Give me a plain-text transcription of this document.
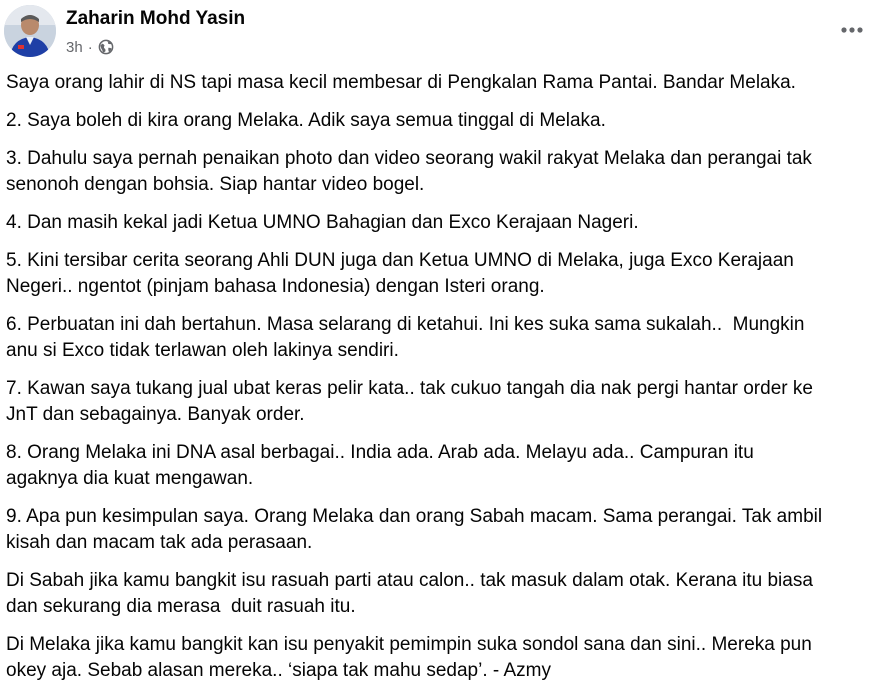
Zaharin Mohd Yasin
3h ·

Saya orang lahir di NS tapi masa kecil membesar di Pengkalan Rama Pantai. Bandar Melaka.

2. Saya boleh di kira orang Melaka. Adik saya semua tinggal di Melaka.

3. Dahulu saya pernah penaikan photo dan video seorang wakil rakyat Melaka dan perangai tak
senonoh dengan bohsia. Siap hantar video bogel.

4. Dan masih kekal jadi Ketua UMNO Bahagian dan Exco Kerajaan Nageri.

5. Kini tersibar cerita seorang Ahli DUN juga dan Ketua UMNO di Melaka, juga Exco Kerajaan
Negeri.. ngentot (pinjam bahasa Indonesia) dengan Isteri orang.

6. Perbuatan ini dah bertahun. Masa selarang di ketahui. Ini kes suka sama sukalah..  Mungkin
anu si Exco tidak terlawan oleh lakinya sendiri.

7. Kawan saya tukang jual ubat keras pelir kata.. tak cukuo tangah dia nak pergi hantar order ke
JnT dan sebagainya. Banyak order.

8. Orang Melaka ini DNA asal berbagai.. India ada. Arab ada. Melayu ada.. Campuran itu
agaknya dia kuat mengawan.

9. Apa pun kesimpulan saya. Orang Melaka dan orang Sabah macam. Sama perangai. Tak ambil
kisah dan macam tak ada perasaan.

Di Sabah jika kamu bangkit isu rasuah parti atau calon.. tak masuk dalam otak. Kerana itu biasa
dan sekurang dia merasa  duit rasuah itu.

Di Melaka jika kamu bangkit kan isu penyakit pemimpin suka sondol sana dan sini.. Mereka pun
okey aja. Sebab alasan mereka.. ‘siapa tak mahu sedap’. - Azmy
